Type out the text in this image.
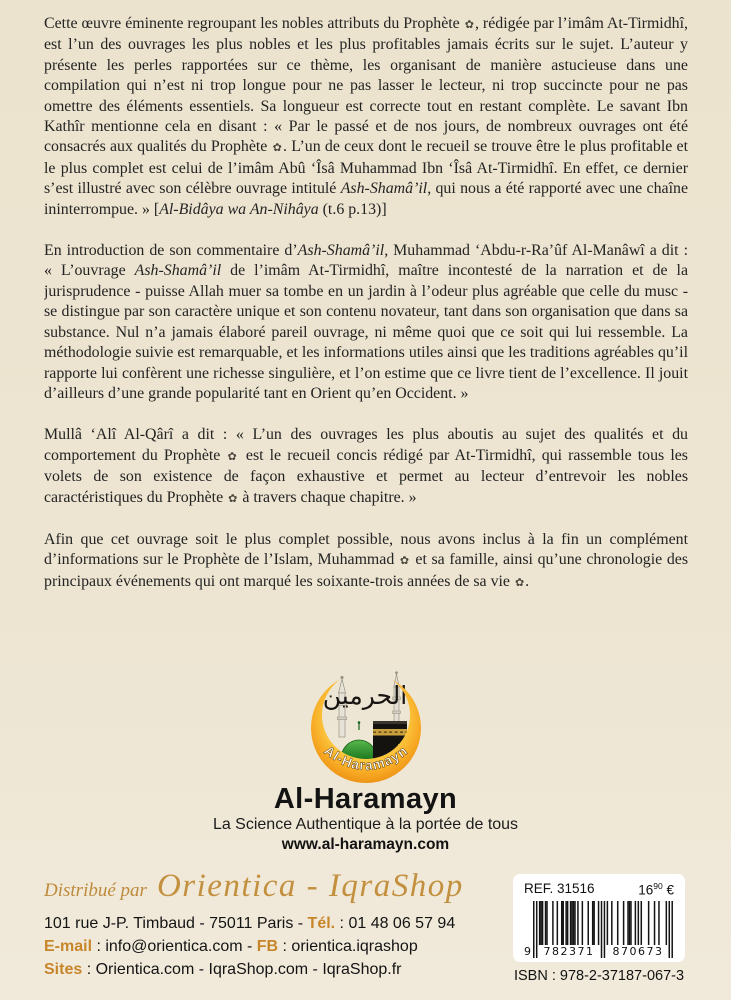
Cette œuvre éminente regroupant les nobles attributs du Prophète ✿, rédigée par l’imâm At-Tirmidhî, est l’un des ouvrages les plus nobles et les plus profitables jamais écrits sur le sujet. L’auteur y présente les perles rapportées sur ce thème, les organisant de manière astucieuse dans une compilation qui n’est ni trop longue pour ne pas lasser le lecteur, ni trop succincte pour ne pas omettre des éléments essentiels. Sa longueur est correcte tout en restant complète. Le savant Ibn Kathîr mentionne cela en disant : « Par le passé et de nos jours, de nombreux ouvrages ont été consacrés aux qualités du Prophète ✿. L’un de ceux dont le recueil se trouve être le plus profitable et le plus complet est celui de l’imâm Abû ‘Îsâ Muhammad Ibn ‘Îsâ At-Tirmidhî. En effet, ce dernier s’est illustré avec son célèbre ouvrage intitulé Ash-Shamâ’il, qui nous a été rapporté avec une chaîne ininterrompue. » [Al-Bidâya wa An-Nihâya (t.6 p.13)]

En introduction de son commentaire d’Ash-Shamâ’il, Muhammad ‘Abdu-r-Ra’ûf Al-Manâwî a dit : « L’ouvrage Ash-Shamâ’il de l’imâm At-Tirmidhî, maître incontesté de la narration et de la jurisprudence - puisse Allah muer sa tombe en un jardin à l’odeur plus agréable que celle du musc - se distingue par son caractère unique et son contenu novateur, tant dans son organisation que dans sa substance. Nul n’a jamais élaboré pareil ouvrage, ni même quoi que ce soit qui lui ressemble. La méthodologie suivie est remarquable, et les informations utiles ainsi que les traditions agréables qu’il rapporte lui confèrent une richesse singulière, et l’on estime que ce livre tient de l’excellence. Il jouit d’ailleurs d’une grande popularité tant en Orient qu’en Occident. »

Mullâ ‘Alî Al-Qârî a dit : « L’un des ouvrages les plus aboutis au sujet des qualités et du comportement du Prophète ✿ est le recueil concis rédigé par At-Tirmidhî, qui rassemble tous les volets de son existence de façon exhaustive et permet au lecteur d’entrevoir les nobles caractéristiques du Prophète ✿ à travers chaque chapitre. »

Afin que cet ouvrage soit le plus complet possible, nous avons inclus à la fin un complément d’informations sur le Prophète de l’Islam, Muhammad ✿ et sa famille, ainsi qu’une chronologie des principaux événements qui ont marqué les soixante-trois années de sa vie ✿.

Al-Haramayn
Al-Haramayn
La Science Authentique à la portée de tous
www.al-haramayn.com
Distribué par Orientica - IqraShop
101 rue J-P. Timbaud - 75011 Paris - Tél. : 01 48 06 57 94
E-mail : info@orientica.com - FB : orientica.iqrashop
Sites : Orientica.com - IqraShop.com - IqraShop.fr
REF. 31516	$16^{90}$ €
9	782371	870673
ISBN : 978-2-37187-067-3
